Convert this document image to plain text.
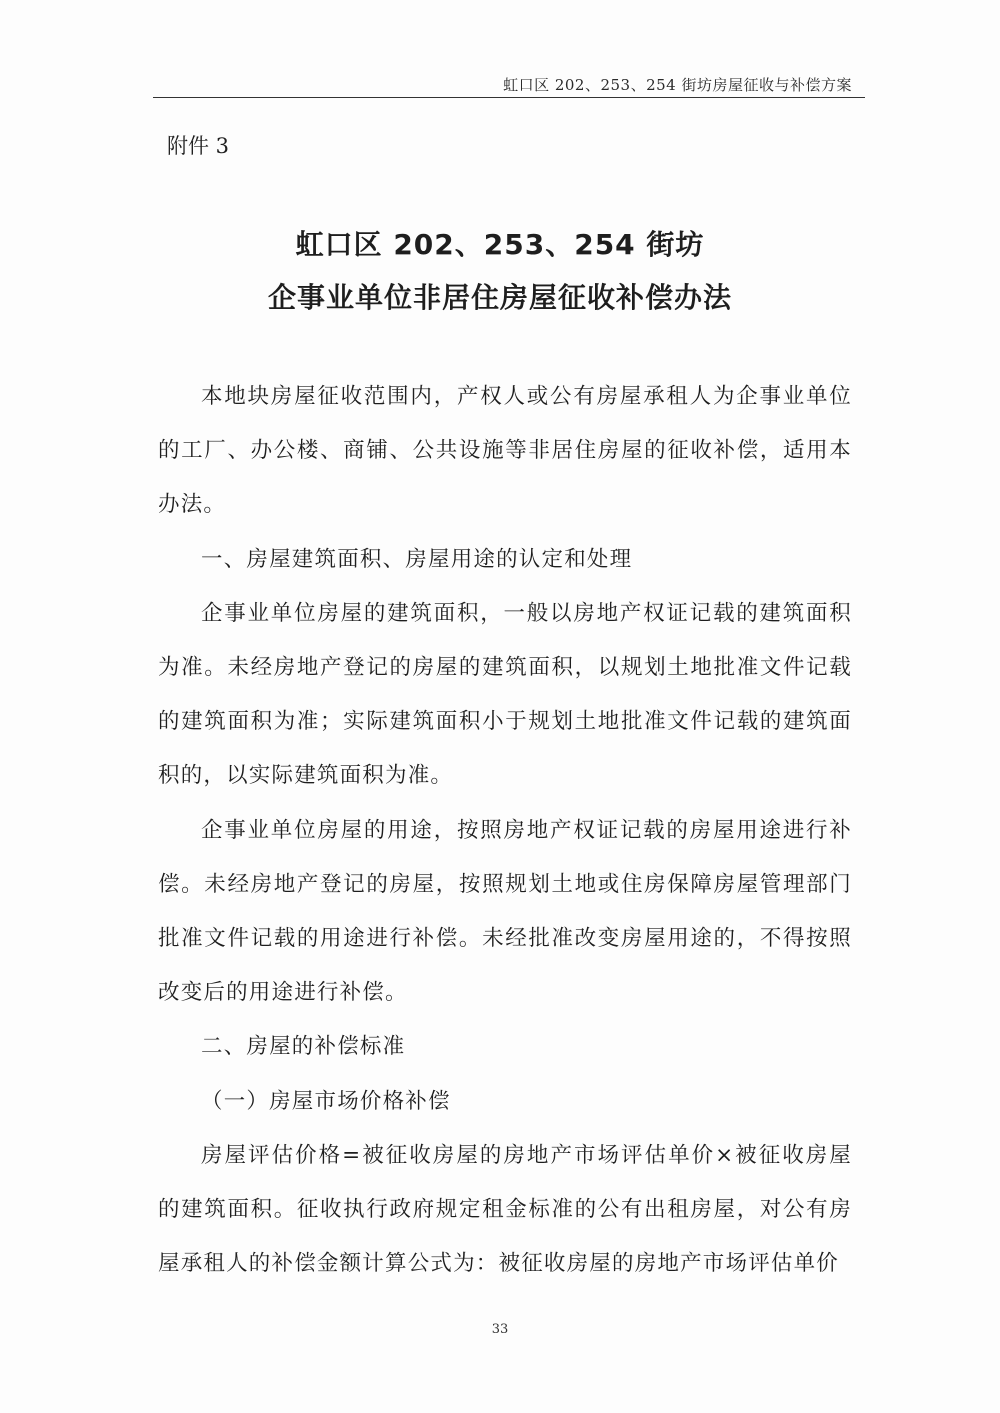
虹口区 202、253、254 街坊房屋征收与补偿方案
附件 3
虹口区 202、253、254 街坊
企事业单位非居住房屋征收补偿办法

本地块房屋征收范围内，产权人或公有房屋承租人为企事业单位的工厂、办公楼、商铺、公共设施等非居住房屋的征收补偿，适用本办法。

一、房屋建筑面积、房屋用途的认定和处理

企事业单位房屋的建筑面积，一般以房地产权证记载的建筑面积为准。未经房地产登记的房屋的建筑面积，以规划土地批准文件记载的建筑面积为准；实际建筑面积小于规划土地批准文件记载的建筑面积的，以实际建筑面积为准。

企事业单位房屋的用途，按照房地产权证记载的房屋用途进行补偿。未经房地产登记的房屋，按照规划土地或住房保障房屋管理部门批准文件记载的用途进行补偿。未经批准改变房屋用途的，不得按照改变后的用途进行补偿。

二、房屋的补偿标准

（一）房屋市场价格补偿

房屋评估价格=被征收房屋的房地产市场评估单价×被征收房屋的建筑面积。征收执行政府规定租金标准的公有出租房屋，对公有房屋承租人的补偿金额计算公式为：被征收房屋的房地产市场评估单价

33
